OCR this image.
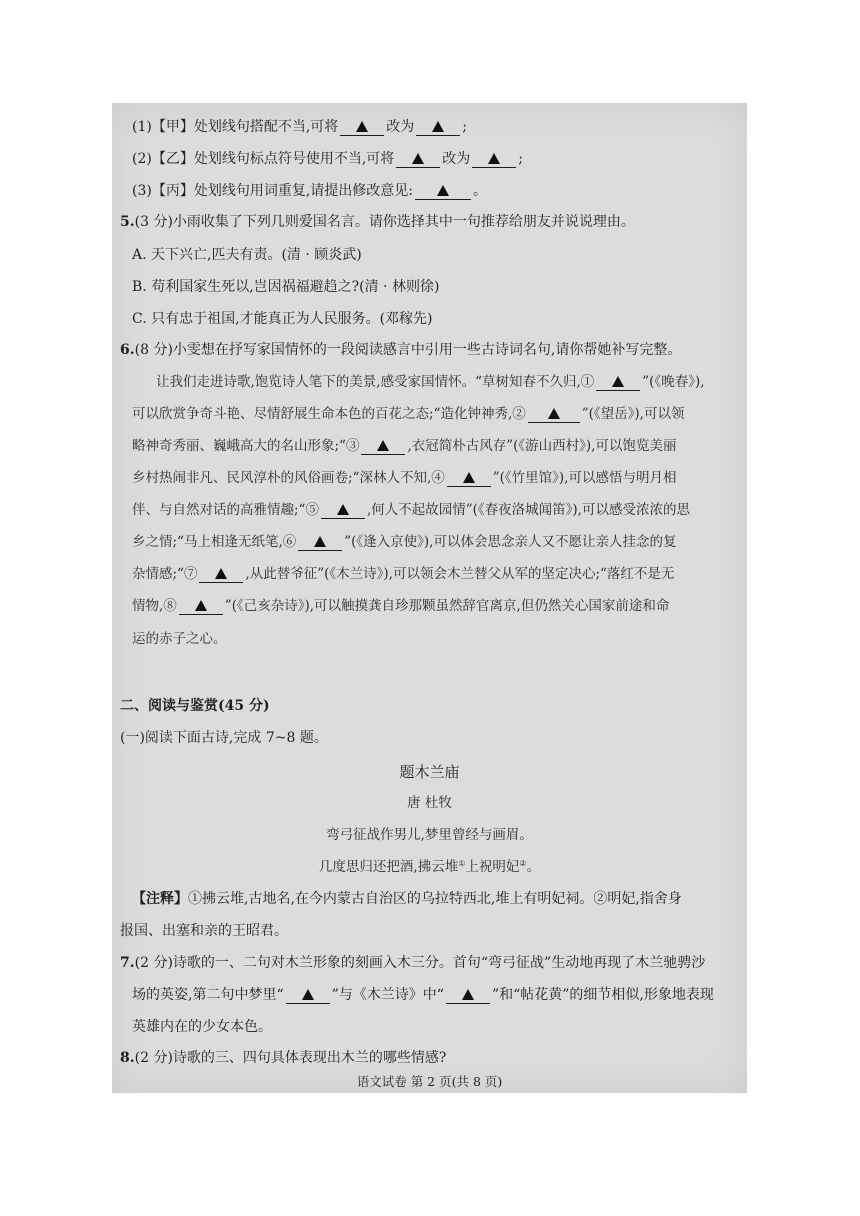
(1)【甲】处划线句搭配不当,可将	改为	;
(2)【乙】处划线句标点符号使用不当,可将	改为	;
(3)【丙】处划线句用词重复,请提出修改意见:	。
5.(3 分)小雨收集了下列几则爱国名言。请你选择其中一句推荐给朋友并说说理由。
A. 天下兴亡,匹夫有责。(清 · 顾炎武)
B. 苟利国家生死以,岂因祸福避趋之?(清 · 林则徐)
C. 只有忠于祖国,才能真正为人民服务。(邓稼先)
6.(8 分)小雯想在抒写家国情怀的一段阅读感言中引用一些古诗词名句,请你帮她补写完整。
让我们走进诗歌,饱览诗人笔下的美景,感受家国情怀。“草树知春不久归,①	”(《晚春》),
可以欣赏争奇斗艳、尽情舒展生命本色的百花之态;“造化钟神秀,②	”(《望岳》),可以领
略神奇秀丽、巍峨高大的名山形象;“③	,衣冠简朴古风存”(《游山西村》),可以饱览美丽
乡村热闹非凡、民风淳朴的风俗画卷;“深林人不知,④	”(《竹里馆》),可以感悟与明月相
伴、与自然对话的高雅情趣;“⑤	,何人不起故园情”(《春夜洛城闻笛》),可以感受浓浓的思
乡之情;“马上相逢无纸笔,⑥	”(《逢入京使》),可以体会思念亲人又不愿让亲人挂念的复
杂情感;“⑦	,从此替爷征”(《木兰诗》),可以领会木兰替父从军的坚定决心;“落红不是无
情物,⑧	”(《己亥杂诗》),可以触摸龚自珍那颗虽然辞官离京,但仍然关心国家前途和命
运的赤子之心。
二、阅读与鉴赏(45 分)
(一)阅读下面古诗,完成 7~8 题。
题木兰庙
唐 杜牧
弯弓征战作男儿,梦里曾经与画眉。
几度思归还把酒,拂云堆①上祝明妃②。
【注释】①拂云堆,古地名,在今内蒙古自治区的乌拉特西北,堆上有明妃祠。②明妃,指舍身
报国、出塞和亲的王昭君。
7.(2 分)诗歌的一、二句对木兰形象的刻画入木三分。首句“弯弓征战”生动地再现了木兰驰骋沙
场的英姿,第二句中梦里“	”与《木兰诗》中“	”和“帖花黄”的细节相似,形象地表现
英雄内在的少女本色。
8.(2 分)诗歌的三、四句具体表现出木兰的哪些情感?
语文试卷 第 2 页(共 8 页)
